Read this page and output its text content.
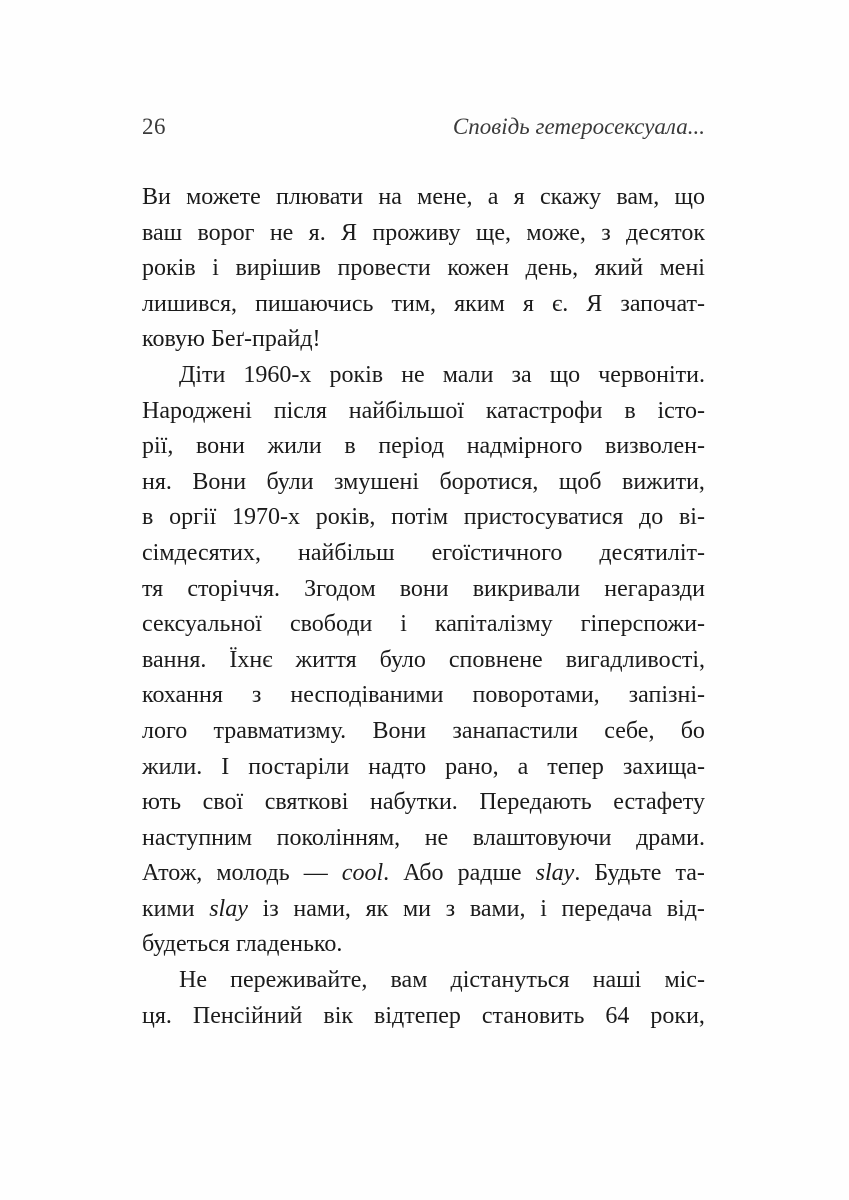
26	Сповідь гетеросексуала...
Ви можете плювати на мене, а я скажу вам, що
ваш ворог не я. Я проживу ще, може, з десяток
років і вирішив провести кожен день, який мені
лишився, пишаючись тим, яким я є. Я започат-
ковую Беґ-прайд!
Діти 1960-х років не мали за що червоніти.
Народжені після найбільшої катастрофи в істо-
рії, вони жили в період надмірного визволен-
ня. Вони були змушені боротися, щоб вижити,
в оргії 1970-х років, потім пристосуватися до ві-
сімдесятих, найбільш егоїстичного десятиліт-
тя сторіччя. Згодом вони викривали негаразди
сексуальної свободи і капіталізму гіперспожи-
вання. Їхнє життя було сповнене вигадливості,
кохання з несподіваними поворотами, запізні-
лого травматизму. Вони занапастили себе, бо
жили. І постаріли надто рано, а тепер захища-
ють свої святкові набутки. Передають естафету
наступним поколінням, не влаштовуючи драми.
Атож, молодь — cool. Або радше slay. Будьте та-
кими slay із нами, як ми з вами, і передача від-
будеться гладенько.
Не переживайте, вам дістануться наші міс-
ця. Пенсійний вік відтепер становить 64 роки,
